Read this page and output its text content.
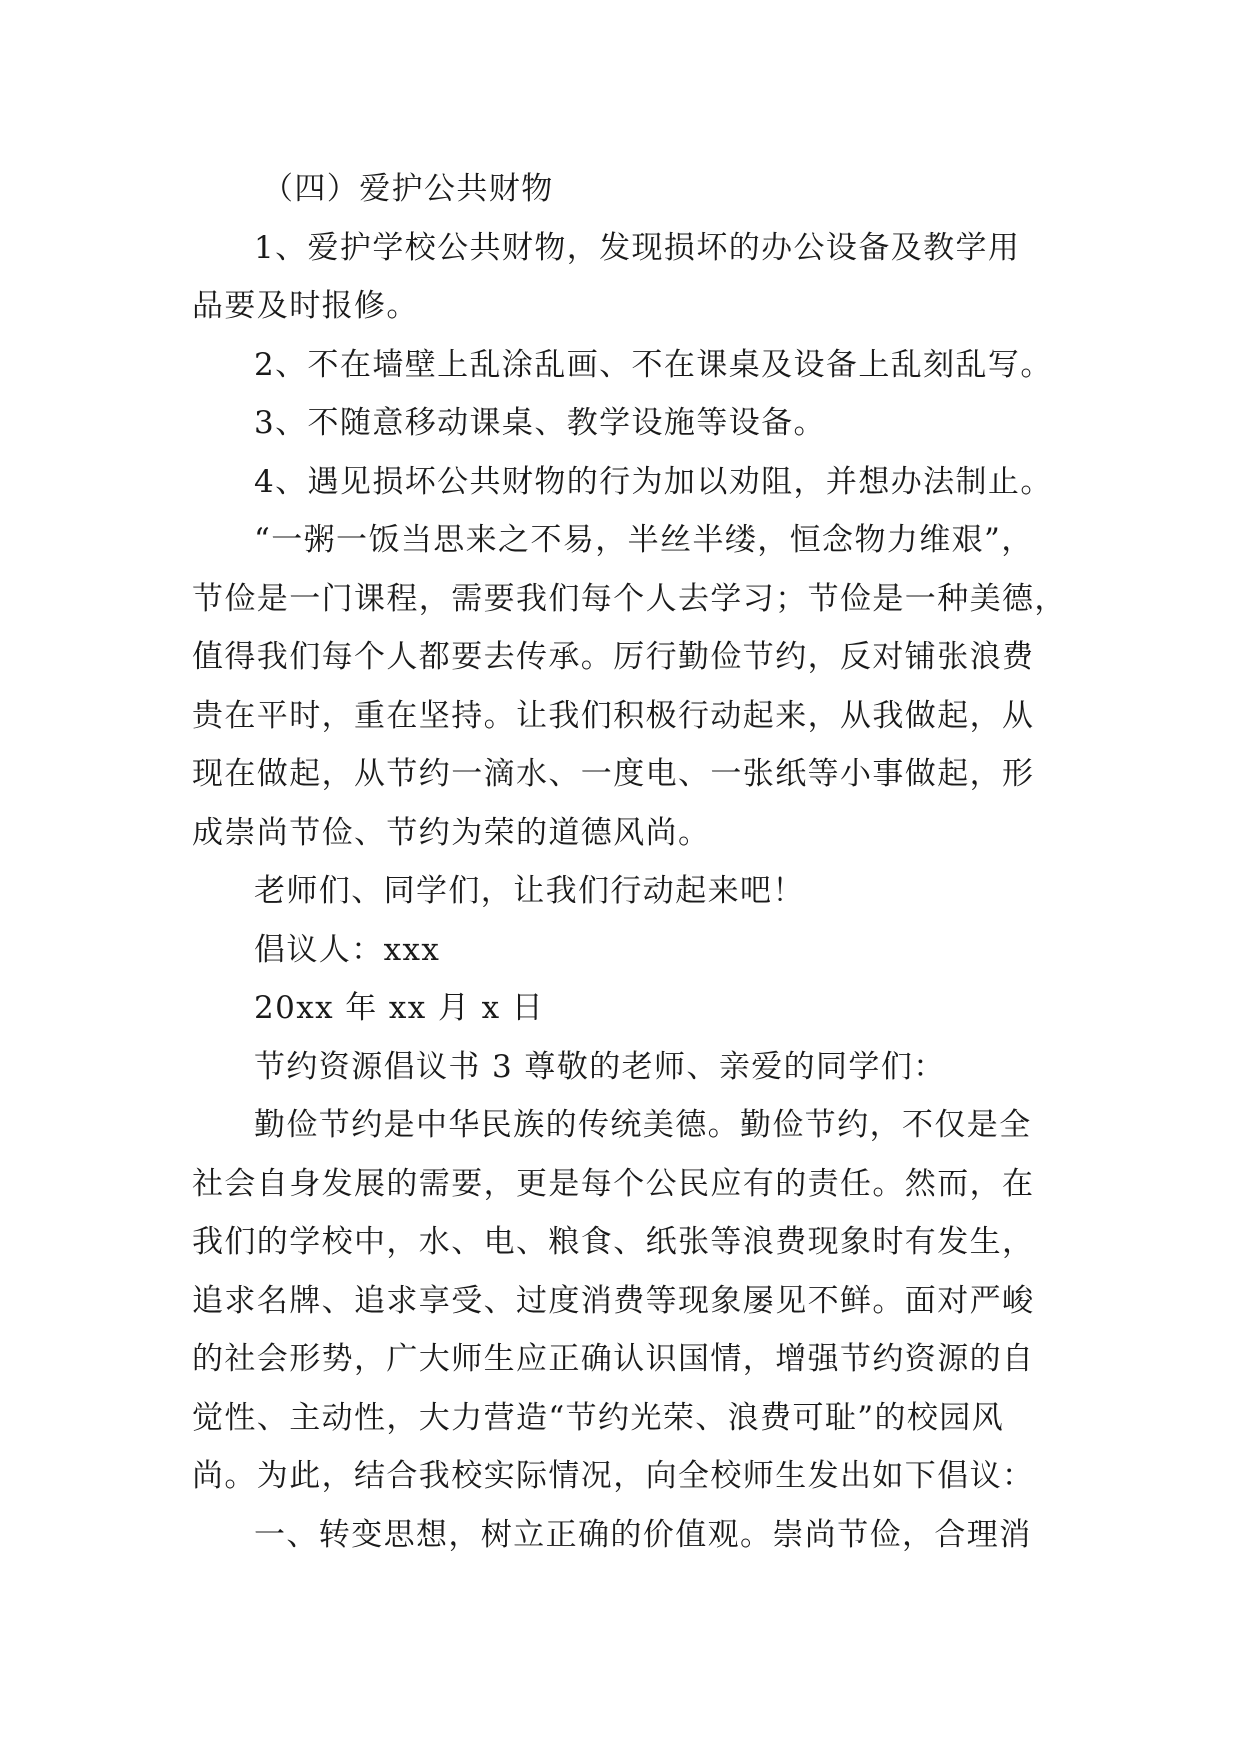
（四）爱护公共财物
1、爱护学校公共财物，发现损坏的办公设备及教学用
品要及时报修。
2、不在墙壁上乱涂乱画、不在课桌及设备上乱刻乱写。
3、不随意移动课桌、教学设施等设备。
4、遇见损坏公共财物的行为加以劝阻，并想办法制止。
“一粥一饭当思来之不易，半丝半缕，恒念物力维艰”，
节俭是一门课程，需要我们每个人去学习；节俭是一种美德，
值得我们每个人都要去传承。厉行勤俭节约，反对铺张浪费
贵在平时，重在坚持。让我们积极行动起来，从我做起，从
现在做起，从节约一滴水、一度电、一张纸等小事做起，形
成崇尚节俭、节约为荣的道德风尚。
老师们、同学们，让我们行动起来吧！
倡议人：xxx
20xx 年 xx 月 x 日
节约资源倡议书 3 尊敬的老师、亲爱的同学们：
勤俭节约是中华民族的传统美德。勤俭节约，不仅是全
社会自身发展的需要，更是每个公民应有的责任。然而，在
我们的学校中，水、电、粮食、纸张等浪费现象时有发生，
追求名牌、追求享受、过度消费等现象屡见不鲜。面对严峻
的社会形势，广大师生应正确认识国情，增强节约资源的自
觉性、主动性，大力营造“节约光荣、浪费可耻”的校园风
尚。为此，结合我校实际情况，向全校师生发出如下倡议：
一、转变思想，树立正确的价值观。崇尚节俭，合理消
